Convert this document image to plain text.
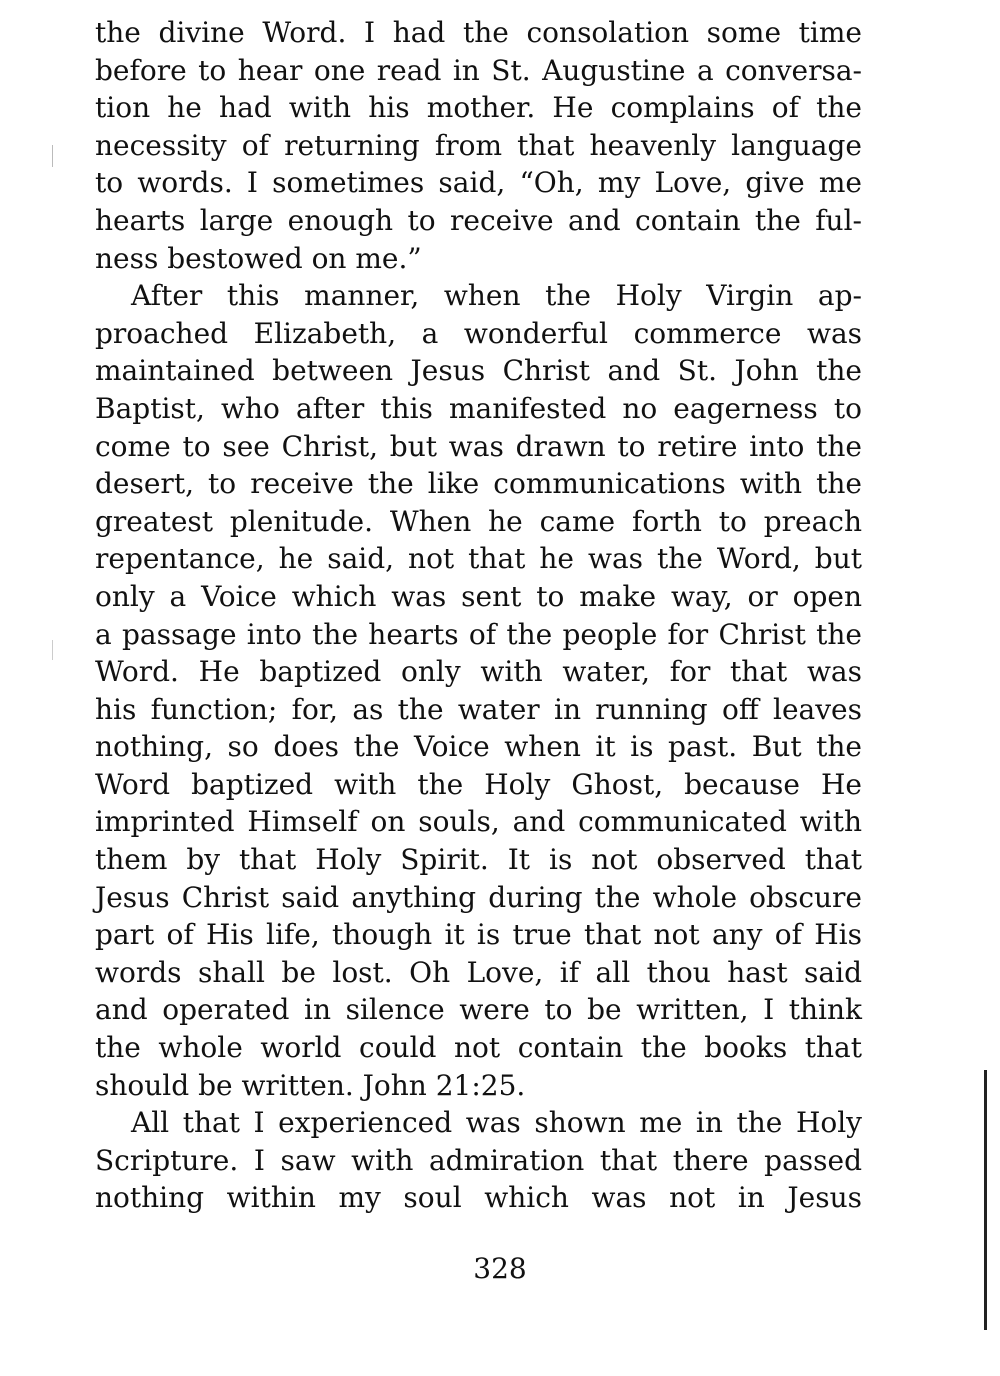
the divine Word. I had the consolation some time
before to hear one read in St. Augustine a conversa-
tion he had with his mother. He complains of the
necessity of returning from that heavenly language
to words. I sometimes said, “Oh, my Love, give me
hearts large enough to receive and contain the ful-
ness bestowed on me.”
After this manner, when the Holy Virgin ap-
proached Elizabeth, a wonderful commerce was
maintained between Jesus Christ and St. John the
Baptist, who after this manifested no eagerness to
come to see Christ, but was drawn to retire into the
desert, to receive the like communications with the
greatest plenitude. When he came forth to preach
repentance, he said, not that he was the Word, but
only a Voice which was sent to make way, or open
a passage into the hearts of the people for Christ the
Word. He baptized only with water, for that was
his function; for, as the water in running off leaves
nothing, so does the Voice when it is past. But the
Word baptized with the Holy Ghost, because He
imprinted Himself on souls, and communicated with
them by that Holy Spirit. It is not observed that
Jesus Christ said anything during the whole obscure
part of His life, though it is true that not any of His
words shall be lost. Oh Love, if all thou hast said
and operated in silence were to be written, I think
the whole world could not contain the books that
should be written. John 21:25.
All that I experienced was shown me in the Holy
Scripture. I saw with admiration that there passed
nothing within my soul which was not in Jesus
328
